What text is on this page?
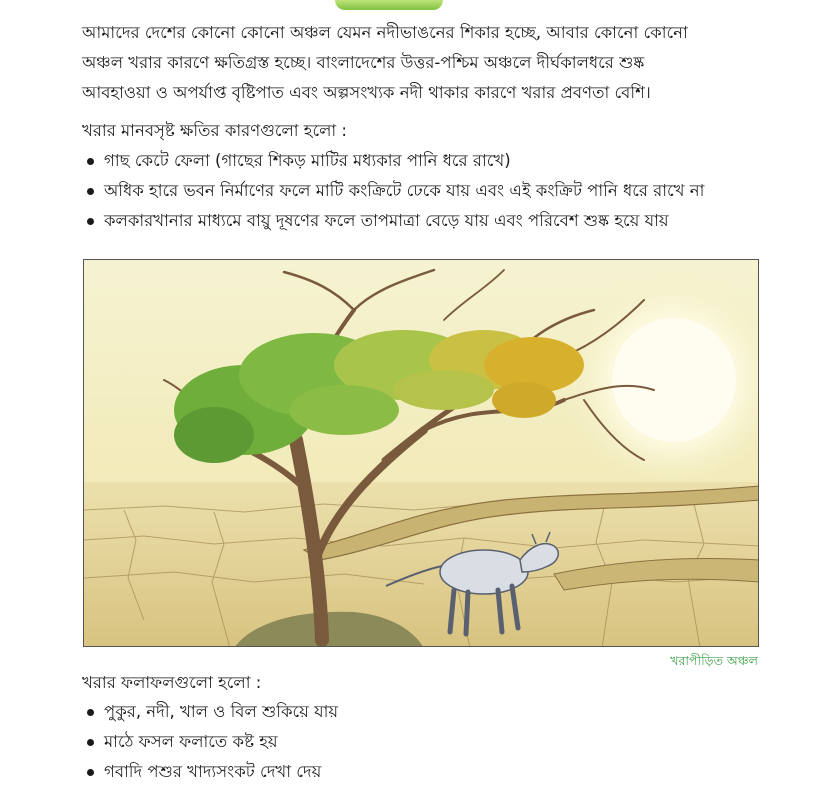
আমাদের দেশের কোনো কোনো অঞ্চল যেমন নদীভাঙনের শিকার হচ্ছে, আবার কোনো কোনো
অঞ্চল খরার কারণে ক্ষতিগ্রস্ত হচ্ছে। বাংলাদেশের উত্তর-পশ্চিম অঞ্চলে দীর্ঘকালধরে শুষ্ক
আবহাওয়া ও অপর্যাপ্ত বৃষ্টিপাত এবং অল্পসংখ্যক নদী থাকার কারণে খরার প্রবণতা বেশি।

খরার মানবসৃষ্ট ক্ষতির কারণগুলো হলো :

গাছ কেটে ফেলা (গাছের শিকড় মাটির মধ্যকার পানি ধরে রাখে)
অধিক হারে ভবন নির্মাণের ফলে মাটি কংক্রিটে ঢেকে যায় এবং এই কংক্রিট পানি ধরে রাখে না
কলকারখানার মাধ্যমে বায়ু দূষণের ফলে তাপমাত্রা বেড়ে যায় এবং পরিবেশ শুষ্ক হয়ে যায়
খরাপীড়িত অঞ্চল

খরার ফলাফলগুলো হলো :

পুকুর, নদী, খাল ও বিল শুকিয়ে যায়
মাঠে ফসল ফলাতে কষ্ট হয়
গবাদি পশুর খাদ্যসংকট দেখা দেয়
